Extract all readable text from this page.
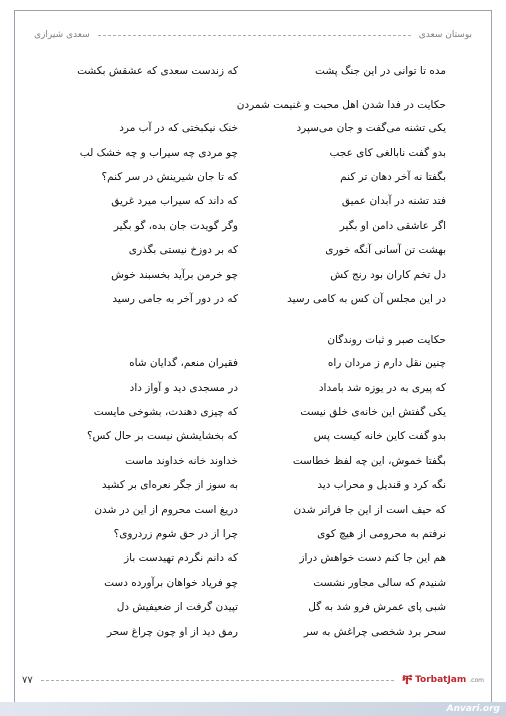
بوستان سعدی
سعدی شیرازی
مده تا توانی در این جنگ پشت
که زندست سعدی که عشقش بکشت
حکایت در فدا شدن اهل محبت و غنیمت شمردن
یکی تشنه می‌گفت و جان می‌سپرد
خنک نیکبختی که در آب مرد
بدو گفت نابالغی کای عجب
چو مردی چه سیراب و چه خشک لب
بگفتا نه آخر دهان تر کنم
که تا جان شیرینش در سر کنم؟
فتد تشنه در آبدان عمیق
که داند که سیراب میرد غریق
اگر عاشقی دامن او بگیر
وگر گویدت جان بده، گو بگیر
بهشت تن آسانی آنگه خوری
که بر دوزخ نیستی بگذری
دل تخم کاران بود رنج کش
چو خرمن برآید بخسبند خوش
در این مجلس آن کس به کامی رسید
که در دور آخر به جامی رسید
حکایت صبر و ثبات روندگان
چنین نقل دارم ز مردان راه
فقیران منعم، گدایان شاه
که پیری به در یوزه شد بامداد
در مسجدی دید و آواز داد
یکی گفتش این خانه‌ی خلق نیست
که چیزی دهندت، بشوخی مایست
بدو گفت کاین خانه کیست پس
که بخشایشش نیست بر حال کس؟
بگفتا خموش، این چه لفظ خطاست
خداوند خانه خداوند ماست
نگه کرد و قندیل و محراب دید
به سوز از جگر نعره‌ای بر کشید
که حیف است از این جا فراتر شدن
دریغ است محروم از این در شدن
نرفتم به محرومی از هیچ کوی
چرا از در حق شوم زردروی؟
هم این جا کنم دست خواهش دراز
که دانم نگردم تهیدست باز
شنیدم که سالی مجاور نشست
چو فریاد خواهان برآورده دست
شبی پای عمرش فرو شد به گل
تپیدن گرفت از ضعیفیش دل
سحر برد شخصی چراغش به سر
رمق دید از او چون چراغ سحر
۷۷	ቸ TorbatJam .com
Anvari.org
